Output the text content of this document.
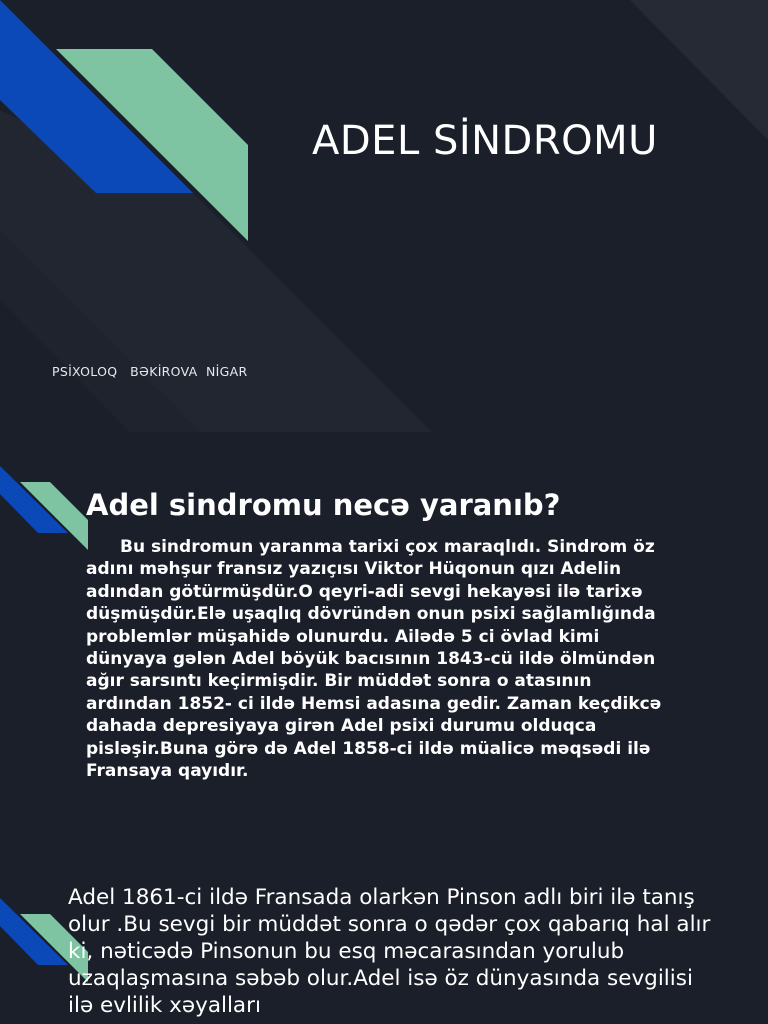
ADEL SİNDROMU

PSİXOLOQ   BƏKİROVA  NİGAR

Adel sindromu necə yaranıb?

Bu sindromun yaranma tarixi çox maraqlıdı. Sindrom öz adını məhşur fransız yazıçısı Viktor Hüqonun qızı Adelin adından götürmüşdür.O qeyri-adi sevgi hekayəsi ilə tarixə düşmüşdür.Elə uşaqlıq dövründən onun psixi sağlamlığında problemlər müşahidə olunurdu. Ailədə 5 ci övlad kimi dünyaya gələn Adel böyük bacısının 1843-cü ildə ölmündən ağır sarsıntı keçirmişdir. Bir müddət sonra o atasının ardından 1852- ci ildə Hemsi adasına gedir. Zaman keçdikcə dahada depresiyaya girən Adel psixi durumu olduqca pisləşir.Buna görə də Adel 1858-ci ildə müalicə məqsədi ilə Fransaya qayıdır.

Adel 1861-ci ildə Fransada olarkən Pinson adlı biri ilə tanış olur .Bu sevgi bir müddət sonra o qədər çox qabarıq hal alır ki, nəticədə Pinsonun bu esq məcarasından yorulub uzaqlaşmasına səbəb olur.Adel isə öz dünyasında sevgilisi ilə evlilik xəyalları
